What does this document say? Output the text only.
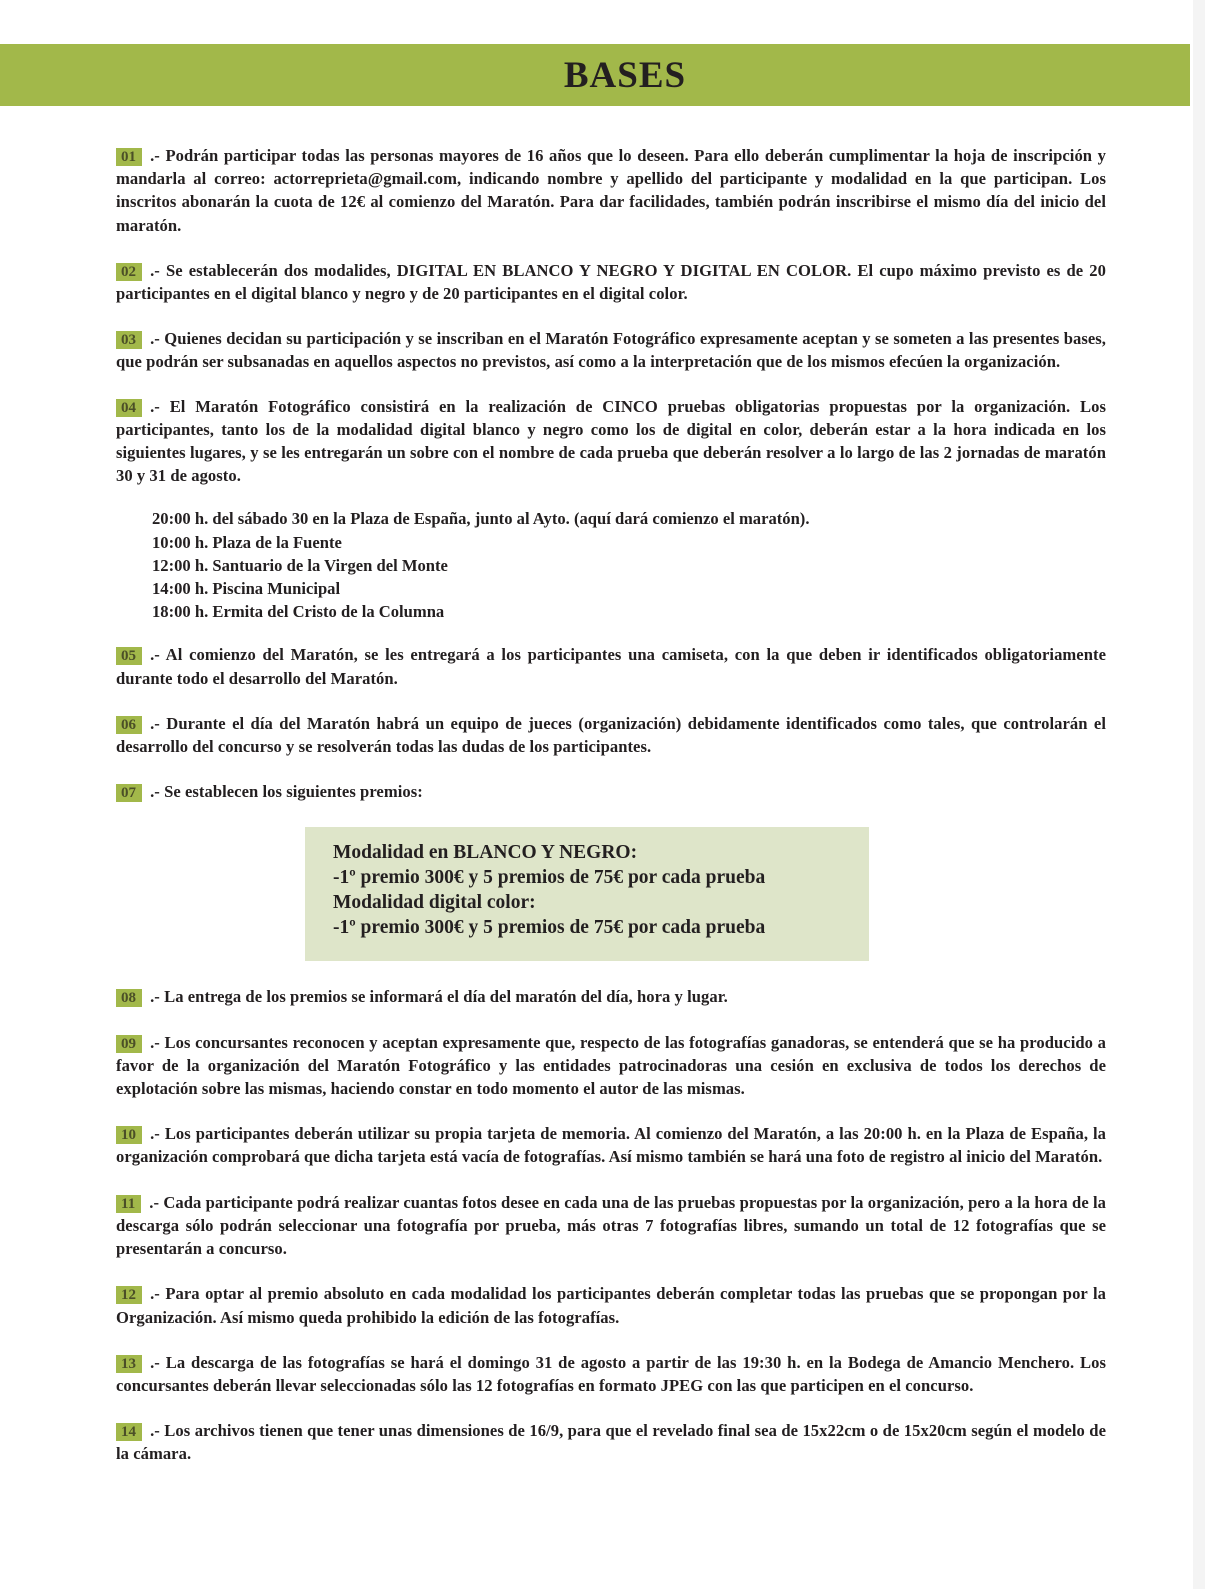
BASES

01 .- Podrán participar todas las personas mayores de 16 años que lo deseen. Para ello deberán cumplimentar la hoja de inscripción y mandarla al correo: actorreprieta@gmail.com, indicando nombre y apellido del participante y modalidad en la que participan. Los inscritos abonarán la cuota de 12€ al comienzo del Maratón. Para dar facilidades, también podrán inscribirse el mismo día del inicio del maratón.

02 .- Se establecerán dos modalides, DIGITAL EN BLANCO Y NEGRO Y DIGITAL EN COLOR. El cupo máximo previsto es de 20 participantes en el digital blanco y negro y de 20 participantes en el digital color.

03 .- Quienes decidan su participación y se inscriban en el Maratón Fotográfico expresamente aceptan y se someten a las presentes bases, que podrán ser subsanadas en aquellos aspectos no previstos, así como a la interpretación que de los mismos efecúen la organización.

04 .- El Maratón Fotográfico consistirá en la realización de CINCO pruebas obligatorias propuestas por la organización. Los participantes, tanto los de la modalidad digital blanco y negro como los de digital en color, deberán estar a la hora indicada en los siguientes lugares, y se les entregarán un sobre con el nombre de cada prueba que deberán resolver a lo largo de las 2 jornadas de maratón 30 y 31 de agosto.

20:00 h. del sábado 30 en la Plaza de España, junto al Ayto. (aquí dará comienzo el maratón).
10:00 h. Plaza de la Fuente
12:00 h. Santuario de la Virgen del Monte
14:00 h. Piscina Municipal
18:00 h. Ermita del Cristo de la Columna

05 .- Al comienzo del Maratón, se les entregará a los participantes una camiseta, con la que deben ir identificados obligatoriamente durante todo el desarrollo del Maratón.

06 .- Durante el día del Maratón habrá un equipo de jueces (organización) debidamente identificados como tales, que controlarán el desarrollo del concurso y se resolverán todas las dudas de los participantes.

07 .- Se establecen los siguientes premios:

Modalidad en BLANCO Y NEGRO:
-1º premio 300€ y 5 premios de 75€ por cada prueba
Modalidad digital color:
-1º premio 300€ y 5 premios de 75€ por cada prueba

08 .- La entrega de los premios se informará el día del maratón del día, hora y lugar.

09 .- Los concursantes reconocen y aceptan expresamente que, respecto de las fotografías ganadoras, se entenderá que se ha producido a favor de la organización del Maratón Fotográfico y las entidades patrocinadoras una cesión en exclusiva de todos los derechos de explotación sobre las mismas, haciendo constar en todo momento el autor de las mismas.

10 .- Los participantes deberán utilizar su propia tarjeta de memoria. Al comienzo del Maratón, a las 20:00 h. en la Plaza de España, la organización comprobará que dicha tarjeta está vacía de fotografías. Así mismo también se hará una foto de registro al inicio del Maratón.

11 .- Cada participante podrá realizar cuantas fotos desee en cada una de las pruebas propuestas por la organización, pero a la hora de la descarga sólo podrán seleccionar una fotografía por prueba, más otras 7 fotografías libres, sumando un total de 12 fotografías que se presentarán a concurso.

12 .- Para optar al premio absoluto en cada modalidad los participantes deberán completar todas las pruebas que se propongan por la Organización. Así mismo queda prohibido la edición de las fotografías.

13 .- La descarga de las fotografías se hará el domingo 31 de agosto a partir de las 19:30 h. en la Bodega de Amancio Menchero. Los concursantes deberán llevar seleccionadas sólo las 12 fotografías en formato JPEG con las que participen en el concurso.

14 .- Los archivos tienen que tener unas dimensiones de 16/9, para que el revelado final sea de 15x22cm o de 15x20cm según el modelo de la cámara.
